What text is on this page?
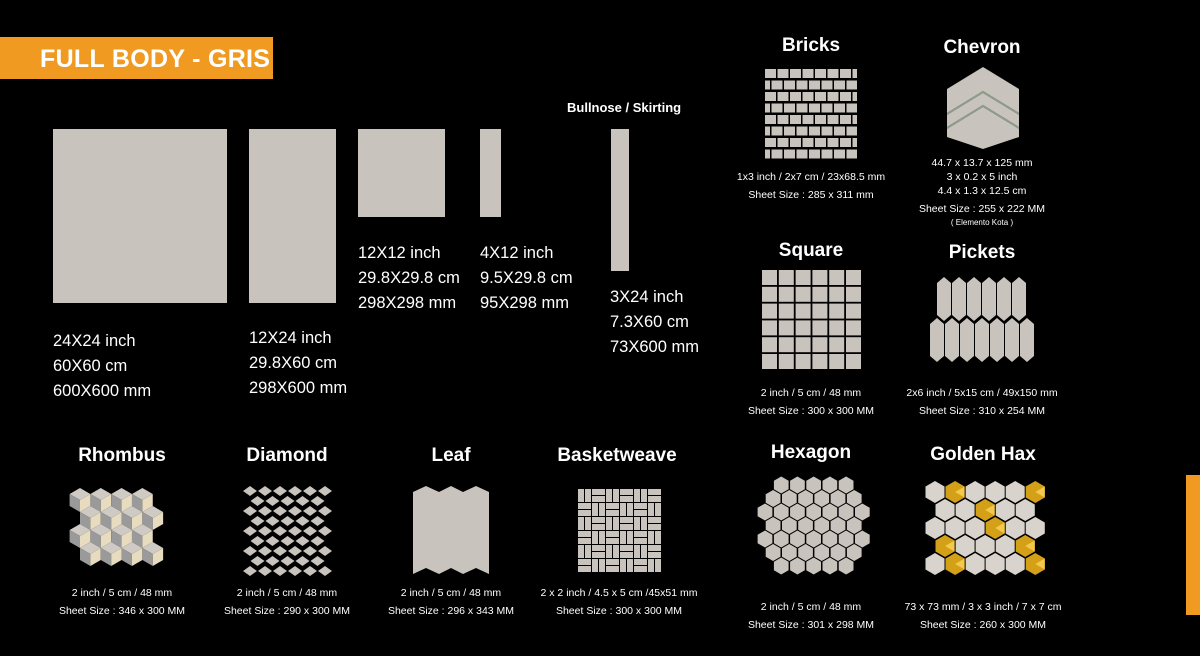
FULL BODY - GRIS
24X24 inch
60X60 cm
600X600 mm
12X24 inch
29.8X60 cm
298X600 mm
12X12 inch
29.8X29.8 cm
298X298 mm
4X12 inch
9.5X29.8 cm
95X298 mm
Bullnose / Skirting
3X24 inch
7.3X60 cm
73X600 mm
Bricks
1x3 inch / 2x7 cm / 23x68.5 mm
Sheet Size : 285 x 311 mm
Chevron
44.7 x 13.7 x 125 mm
3 x 0.2 x 5 inch
4.4 x 1.3 x 12.5 cm
Sheet Size : 255 x 222 MM
( Elemento Kota )
Square
2 inch / 5 cm / 48 mm
Sheet Size : 300 x 300 MM
Pickets
2x6 inch / 5x15 cm / 49x150 mm
Sheet Size : 310 x 254 MM
Rhombus
2 inch / 5 cm / 48 mm
Sheet Size : 346 x 300 MM
Diamond
2 inch / 5 cm / 48 mm
Sheet Size : 290 x 300 MM
Leaf
2 inch / 5 cm / 48 mm
Sheet Size : 296 x 343 MM
Basketweave
2 x 2 inch / 4.5 x 5 cm /45x51 mm
Sheet Size : 300 x 300 MM
Hexagon
2 inch / 5 cm / 48 mm
Sheet Size : 301 x 298 MM
Golden Hax
73 x 73 mm / 3 x 3 inch / 7 x 7 cm
Sheet Size : 260 x 300 MM
